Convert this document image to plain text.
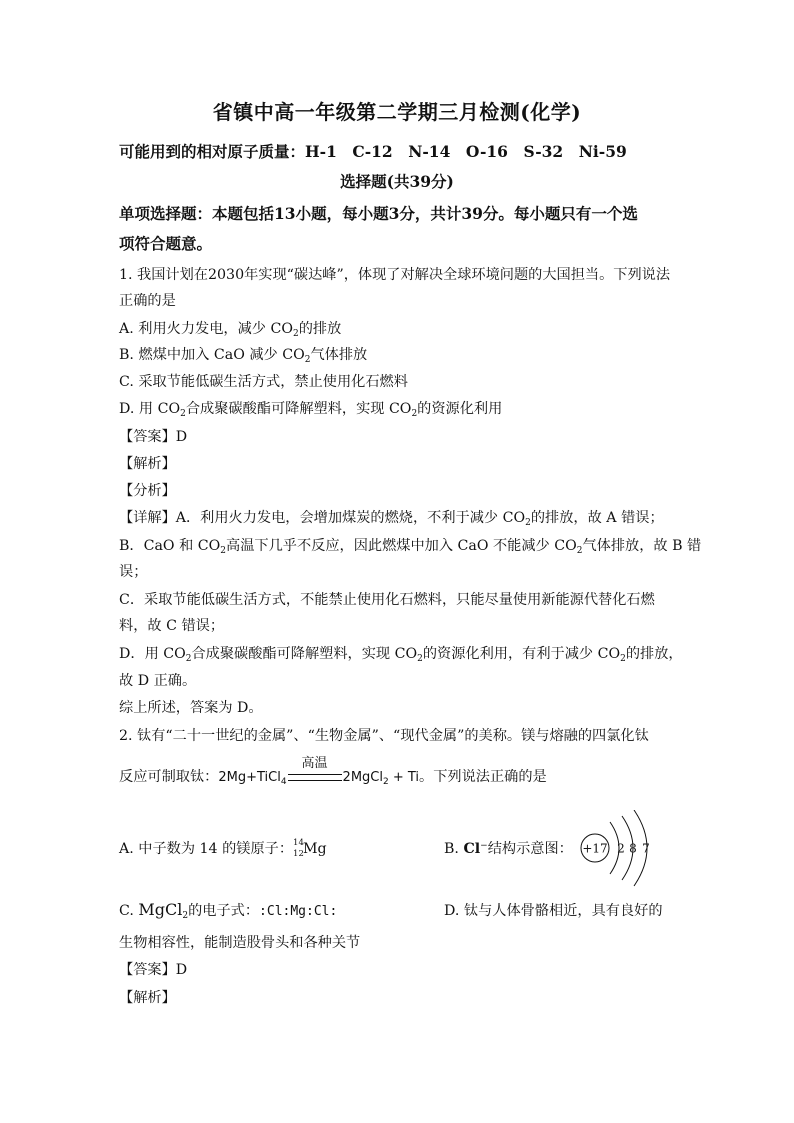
省镇中高一年级第二学期三月检测(化学)
可能用到的相对原子质量：H-1　C-12　N-14　O-16　S-32　Ni-59
选择题(共39分)
单项选择题：本题包括13小题，每小题3分，共计39分。每小题只有一个选
项符合题意。
1. 我国计划在2030年实现“碳达峰”，体现了对解决全球环境问题的大国担当。下列说法
正确的是
A. 利用火力发电，减少 $CO_2$的排放
B. 燃煤中加入 CaO 减少 $CO_2$气体排放
C. 采取节能低碳生活方式，禁止使用化石燃料
D. 用 $CO_2$合成聚碳酸酯可降解塑料，实现 $CO_2$的资源化利用
【答案】D
【解析】
【分析】
【详解】A．利用火力发电，会增加煤炭的燃烧，不利于减少 $CO_2$的排放，故 A 错误；
B．CaO 和 $CO_2$高温下几乎不反应，因此燃煤中加入 CaO 不能减少 $CO_2$气体排放，故 B 错
误；
C．采取节能低碳生活方式，不能禁止使用化石燃料，只能尽量使用新能源代替化石燃
料，故 C 错误；
D．用 $CO_2$合成聚碳酸酯可降解塑料，实现 $CO_2$的资源化利用，有利于减少 $CO_2$的排放，
故 D 正确。
综上所述，答案为 D。
2. 钛有“二十一世纪的金属”、“生物金属”、“现代金属”的美称。镁与熔融的四氯化钛
反应可制取钛：2Mg+TiCl$_4$
高温
2MgCl$_2$ + Ti。下列说法正确的是
A. 中子数为 14 的镁原子： 14
12 Mg	B. Cl−结构示意图： +17 2 8 7
C. MgCl$_2$的电子式：:Cl:Mg:Cl:	D. 钛与人体骨骼相近，具有良好的
生物相容性，能制造股骨头和各种关节
【答案】D
【解析】
